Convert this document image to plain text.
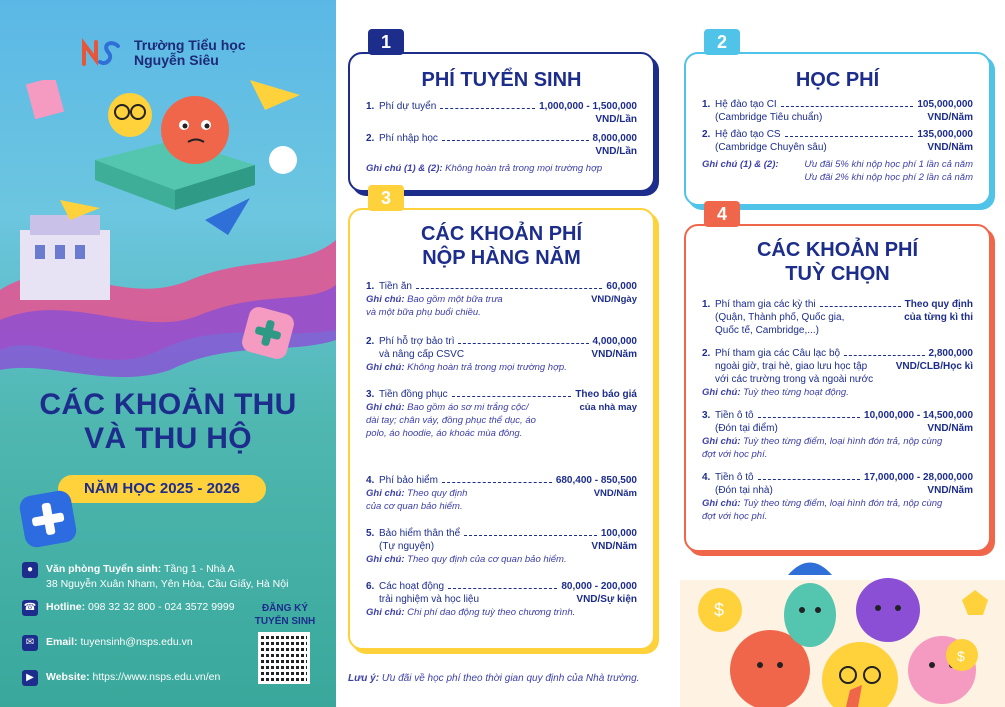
Trường Tiểu học
Nguyễn Siêu
CÁC KHOẢN THU
VÀ THU HỘ
NĂM HỌC 2025 - 2026
●	Văn phòng Tuyển sinh: Tầng 1 - Nhà A
38 Nguyễn Xuân Nham, Yên Hòa, Cầu Giấy, Hà Nội
☎ Hotline: 098 32 32 800 - 024 3572 9999
✉	Email: tuyensinh@nsps.edu.vn
▶	Website: https://www.nsps.edu.vn/en
ĐĂNG KÝ
TUYỂN SINH
1
PHÍ TUYỂN SINH
1. Phí dự tuyển	1,000,000 - 1,500,000
VND/Lần
2. Phí nhập học	8,000,000
VND/Lần
Ghi chú (1) & (2): Không hoàn trả trong mọi trường hợp
2
HỌC PHÍ
1. Hệ đào tạo CI	105,000,000
(Cambridge Tiêu chuẩn)	VND/Năm
2. Hệ đào tạo CS	135,000,000
(Cambridge Chuyên sâu)	VND/Năm
Ghi chú (1) & (2):	Ưu đãi 5% khi nộp học phí 1 lần cả năm
Ưu đãi 2% khi nộp học phí 2 lần cả năm
3
CÁC KHOẢN PHÍ
NỘP HÀNG NĂM
1. Tiền ăn	60,000
Ghi chú: Bao gồm một bữa trưa	VND/Ngày
và một bữa phụ buổi chiều.
2. Phí hỗ trợ bảo trì	4,000,000
và nâng cấp CSVC	VND/Năm
Ghi chú: Không hoàn trả trong mọi trường hợp.
3. Tiền đồng phục	Theo báo giá
Ghi chú: Bao gồm áo sơ mi trắng cộc/	của nhà may
dài tay; chân váy, đồng phục thể dục, áo
polo, áo hoodie, áo khoác mùa đông.
4. Phí bảo hiểm	680,400 - 850,500
Ghi chú: Theo quy định	VND/Năm
của cơ quan bảo hiểm.
5. Bảo hiểm thân thể	100,000
(Tự nguyện)	VND/Năm
Ghi chú: Theo quy định của cơ quan bảo hiểm.
6. Các hoạt động	80,000 - 200,000
trải nghiệm và học liệu	VND/Sự kiện
Ghi chú: Chi phí dao động tuỳ theo chương trình.
4
CÁC KHOẢN PHÍ
TUỲ CHỌN
1. Phí tham gia các kỳ thi	Theo quy định
(Quận, Thành phố, Quốc gia,	của từng kì thi
Quốc tế, Cambridge,...)
2. Phí tham gia các Câu lạc bộ	2,800,000
ngoài giờ, trại hè, giao lưu học tập	VND/CLB/Học kì
với các trường trong và ngoài nước
Ghi chú: Tuỳ theo từng hoạt động.
3. Tiền ô tô	10,000,000 - 14,500,000
(Đón tại điểm)	VND/Năm
Ghi chú: Tuỳ theo từng điểm, loại hình đón trả, nộp cùng
đợt với học phí.
4. Tiền ô tô	17,000,000 - 28,000,000
(Đón tại nhà)	VND/Năm
Ghi chú: Tuỳ theo từng điểm, loại hình đón trả, nộp cùng
đợt với học phí.
$
$
Lưu ý: Ưu đãi về học phí theo thời gian quy định của Nhà trường.
